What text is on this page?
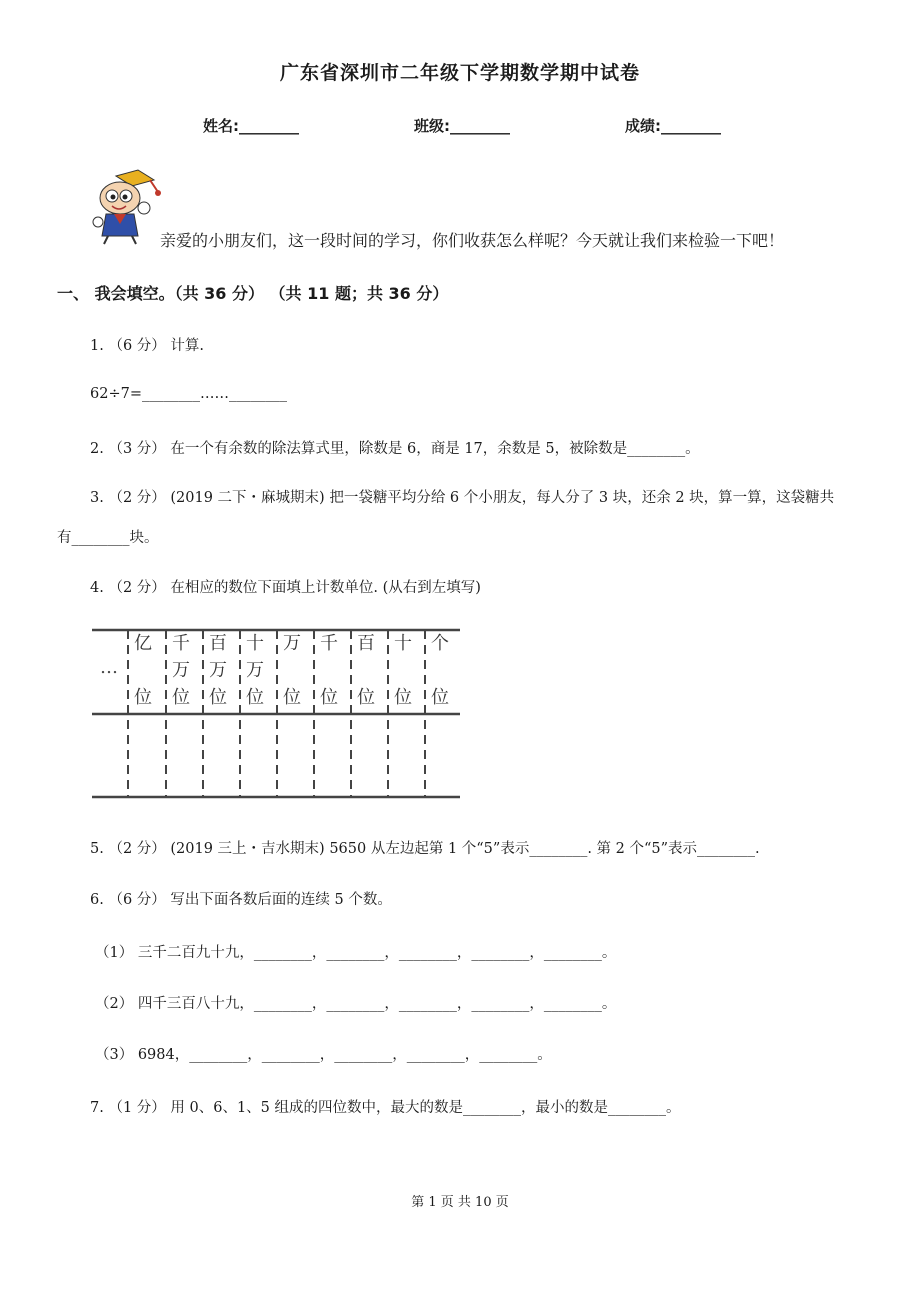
广东省深圳市二年级下学期数学期中试卷
姓名:________	班级:________	成绩:________
亲爱的小朋友们，这一段时间的学习，你们收获怎么样呢？今天就让我们来检验一下吧！
一、 我会填空。（共 36 分） （共 11 题；共 36 分）
1. （6 分） 计算.
62÷7=________……________
2. （3 分） 在一个有余数的除法算式里，除数是 6，商是 17，余数是 5，被除数是________。
3. （2 分） (2019 二下・麻城期末) 把一袋糖平均分给 6 个小朋友，每人分了 3 块，还余 2 块，算一算，这袋糖共有________块。
4. （2 分） 在相应的数位下面填上计数单位. (从右到左填写)
…
亿

位
千
万
位
百
万
位
十
万
位
万

位
千

位
百

位
十

位
个

位
5. （2 分） (2019 三上・吉水期末) 5650 从左边起第 1 个“5”表示________. 第 2 个“5”表示________.
6. （6 分） 写出下面各数后面的连续 5 个数。
（1） 三千二百九十九，________，________，________，________，________。
（2） 四千三百八十九，________，________，________，________，________。
（3） 6984，________，________，________，________，________。
7. （1 分） 用 0、6、1、5 组成的四位数中，最大的数是________，最小的数是________。
第 1 页 共 10 页
